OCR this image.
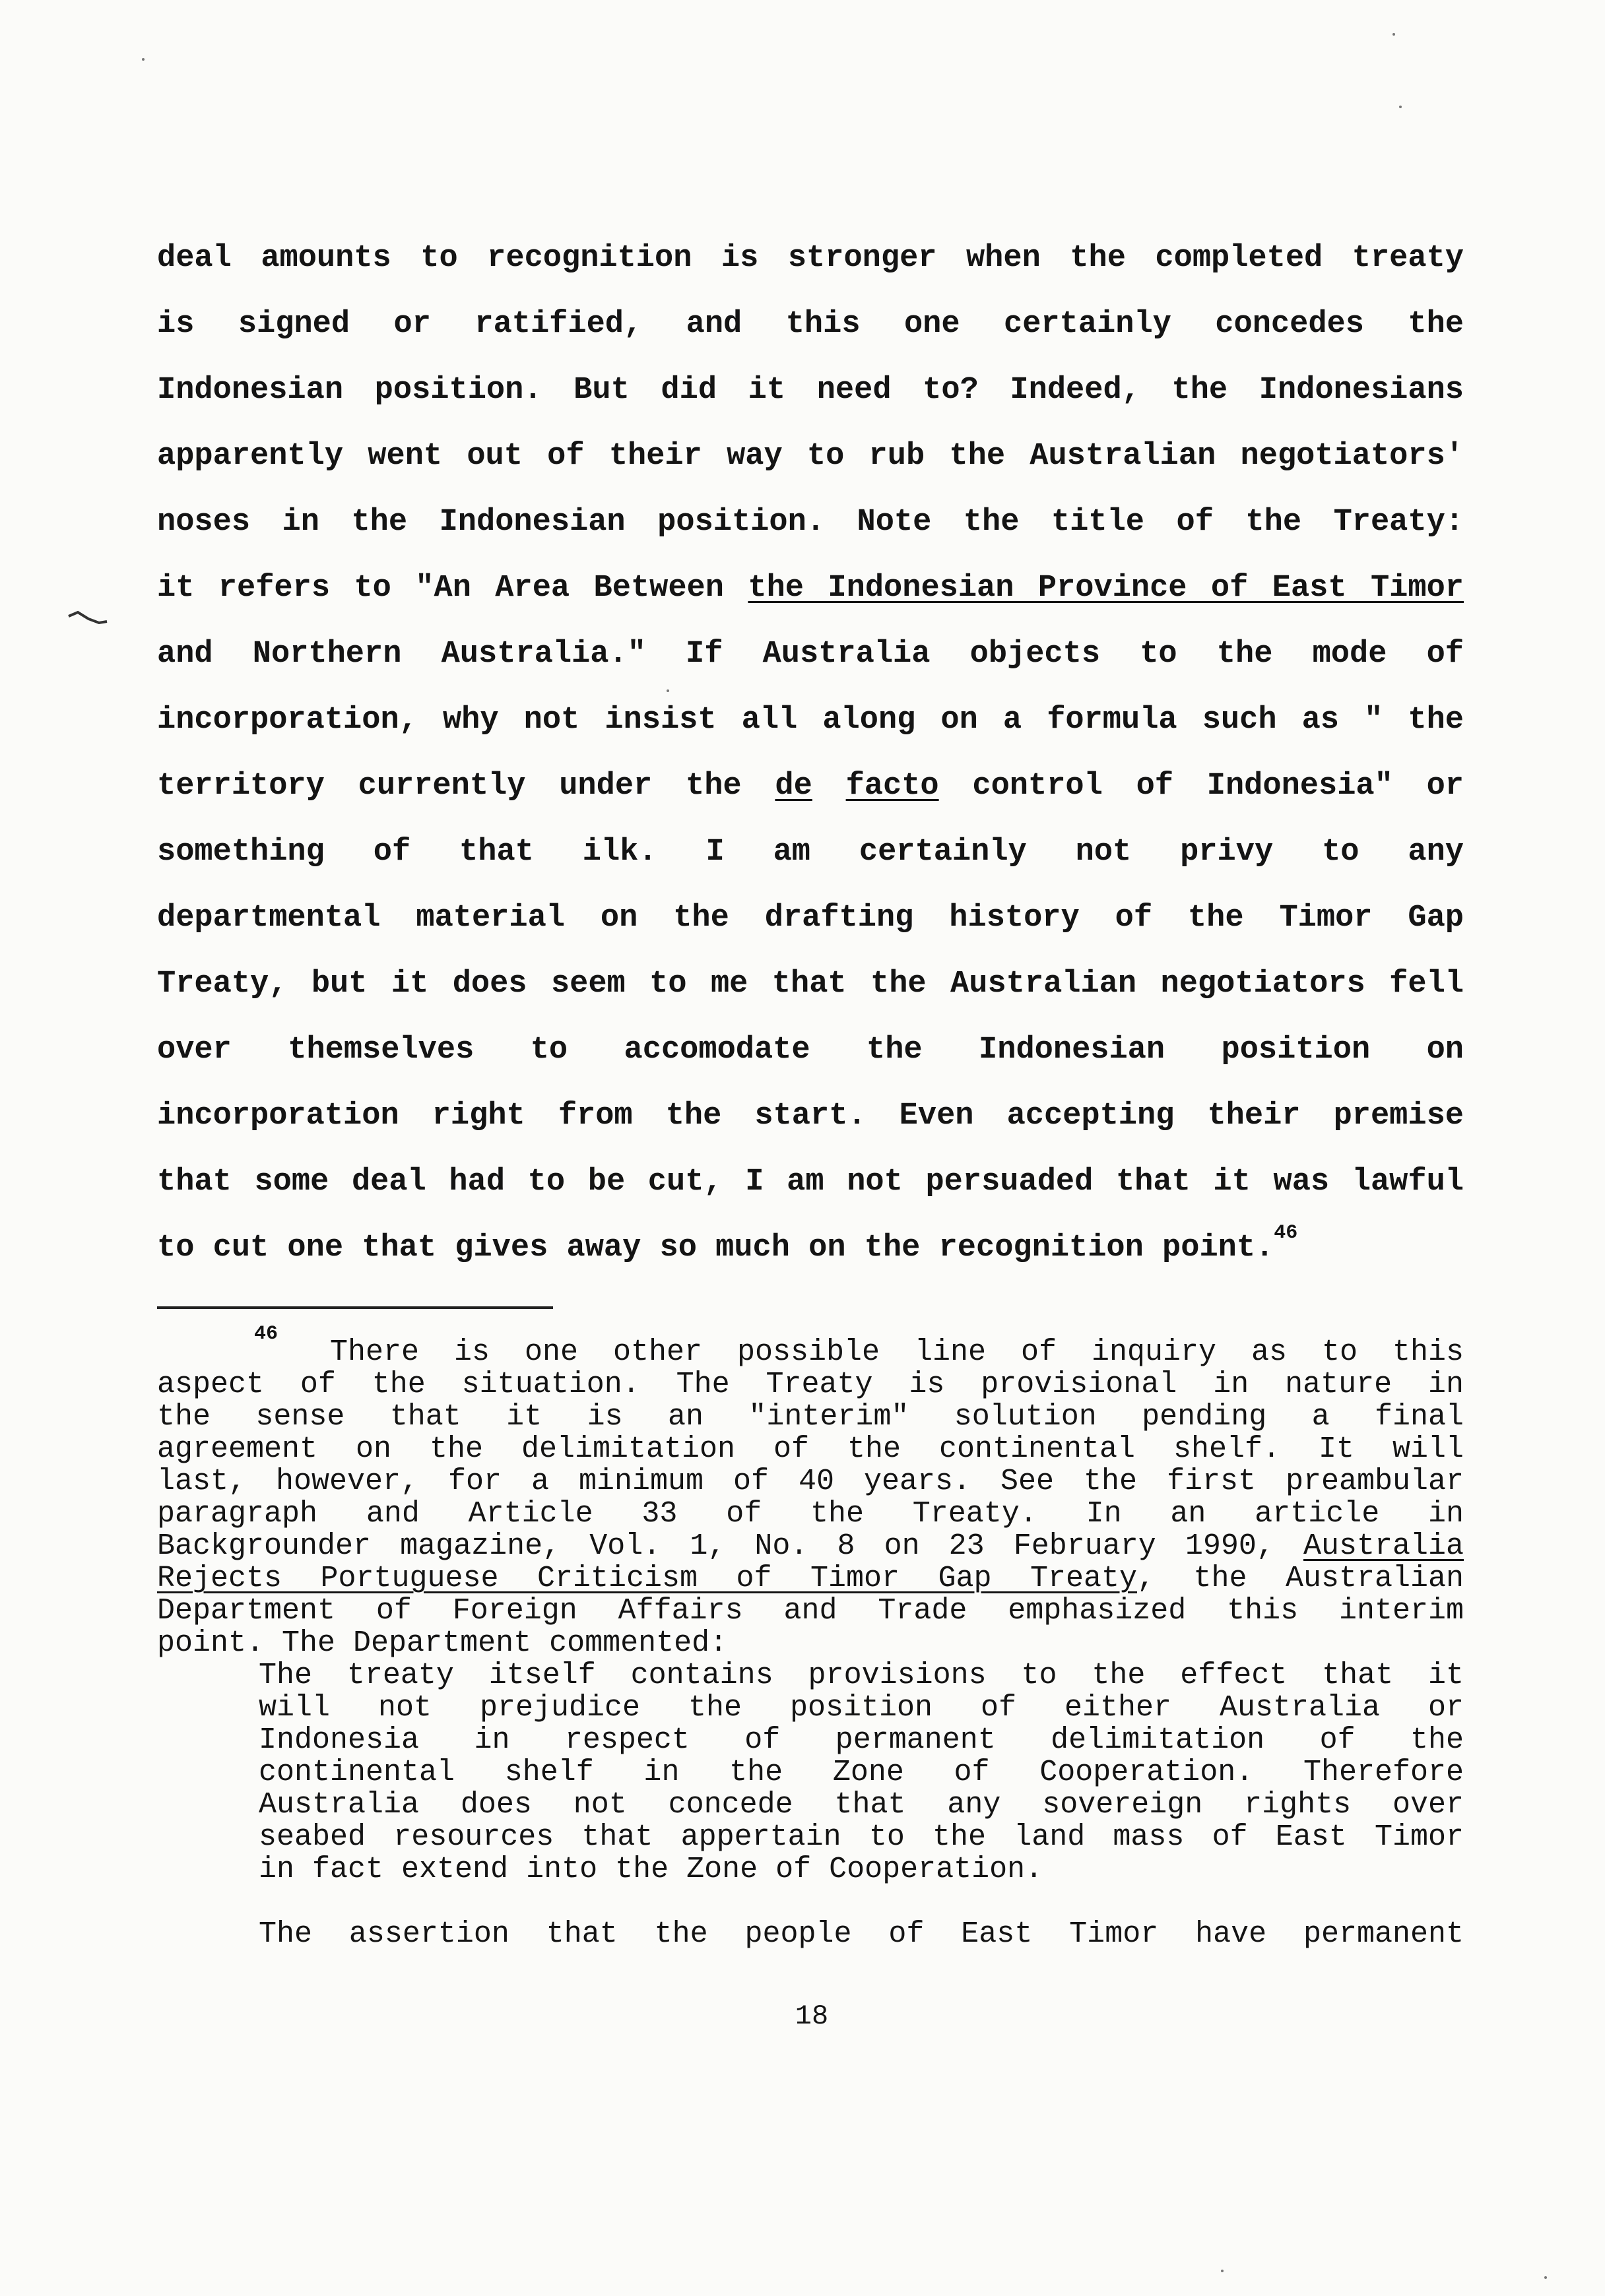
deal amounts to recognition is stronger when the completed treaty
is signed or ratified, and this one certainly concedes the
Indonesian position. But did it need to? Indeed, the Indonesians
apparently went out of their way to rub the Australian negotiators'
noses in the Indonesian position. Note the title of the Treaty:
it refers to "An Area Between the Indonesian Province of East Timor
and Northern Australia." If Australia objects to the mode of
incorporation, why not insist all along on a formula such as " the
territory currently under the de facto control of Indonesia" or
something of that ilk. I am certainly not privy to any
departmental material on the drafting history of the Timor Gap
Treaty, but it does seem to me that the Australian negotiators fell
over themselves to accomodate the Indonesian position on
incorporation right from the start. Even accepting their premise
that some deal had to be cut, I am not persuaded that it was lawful
to cut one that gives away so much on the recognition point.$^{46}$
46
There is one other possible line of inquiry as to this
aspect of the situation. The Treaty is provisional in nature in
the sense that it is an "interim" solution pending a final
agreement on the delimitation of the continental shelf. It will
last, however, for a minimum of 40 years. See the first preambular
paragraph and Article 33 of the Treaty. In an article in
Backgrounder magazine, Vol. 1, No. 8 on 23 February 1990, Australia
Rejects Portuguese Criticism of Timor Gap Treaty, the Australian
Department of Foreign Affairs and Trade emphasized this interim
point. The Department commented:
The treaty itself contains provisions to the effect that it
will not prejudice the position of either Australia or
Indonesia in respect of permanent delimitation of the
continental shelf in the Zone of Cooperation. Therefore
Australia does not concede that any sovereign rights over
seabed resources that appertain to the land mass of East Timor
in fact extend into the Zone of Cooperation.
The assertion that the people of East Timor have permanent
18
